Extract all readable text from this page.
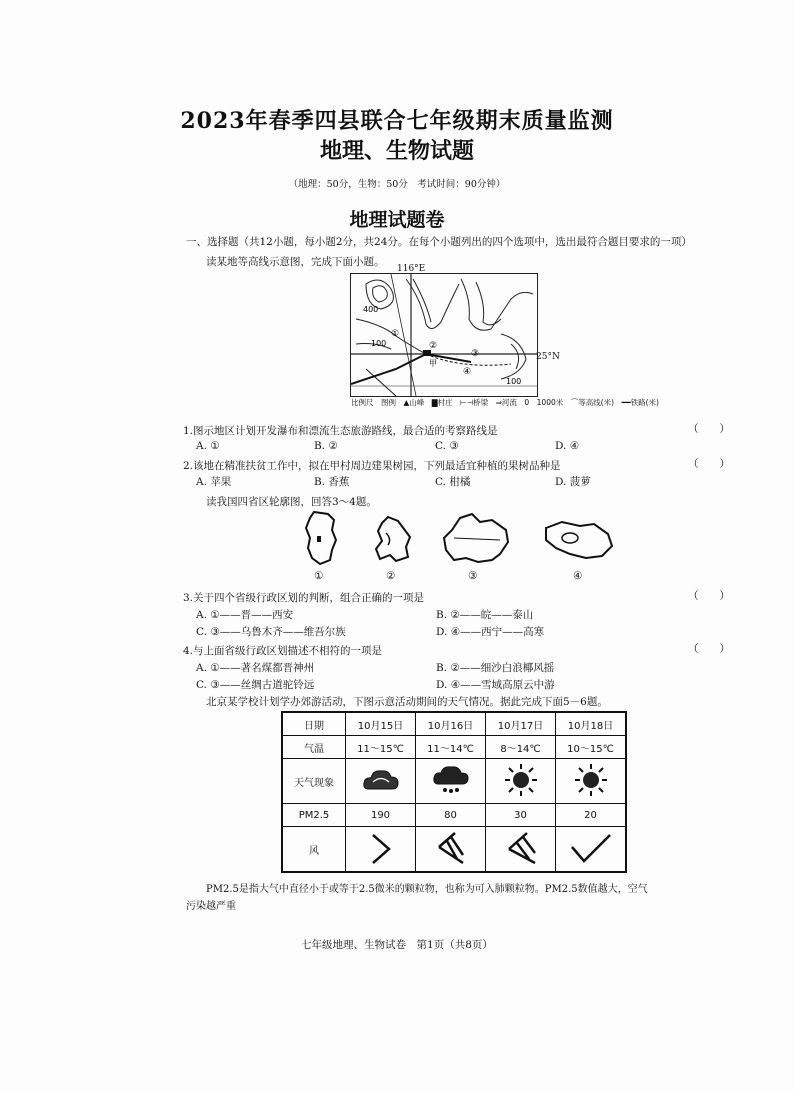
2023年春季四县联合七年级期末质量监测
地理、生物试题
（地理：50分，生物：50分　考试时间：90分钟）
地理试题卷
一、选择题（共12小题，每小题2分，共24分。在每个小题列出的四个选项中，选出最符合题目要求的一项）
读某地等高线示意图，完成下面小题。
116°E
25°N
400
100
100
①
②
③
④
甲
比例尺　图例　▲山峰　▇村庄　⊢⊣桥梁　⇒河流　0　1000米　⌒等高线(米)　━━铁路(米)
1.图示地区计划开发瀑布和漂流生态旅游路线，最合适的考察路线是	（　　）
A. ①	B. ②	C. ③	D. ④
2.该地在精准扶贫工作中，拟在甲村周边建果树园，下列最适宜种植的果树品种是	（　　）
A. 苹果	B. 香蕉	C. 柑橘	D. 菠萝
读我国四省区轮廓图，回答3～4题。
①	②	③	④
3.关于四个省级行政区划的判断，组合正确的一项是	（　　）
A. ①——晋——西安	B. ②——皖——泰山
C. ③——乌鲁木齐——维吾尔族	D. ④——西宁——高寒
4.与上面省级行政区划描述不相符的一项是	（　　）
A. ①——著名煤都晋神州	B. ②——细沙白浪椰风摇
C. ③——丝绸古道驼铃远	D. ④——雪域高原云中游
北京某学校计划学办郊游活动，下图示意活动期间的天气情况。据此完成下面5－6题。
日期	10月15日	10月16日	10月17日	10月18日
气温	11～15℃	11～14℃	8～14℃	10～15℃
天气现象				
PM2.5	190	80	30	20
风				
PM2.5是指大气中直径小于或等于2.5微米的颗粒物，也称为可入肺颗粒物。PM2.5数值越大，空气
污染越严重
七年级地理、生物试卷　第1页（共8页）
